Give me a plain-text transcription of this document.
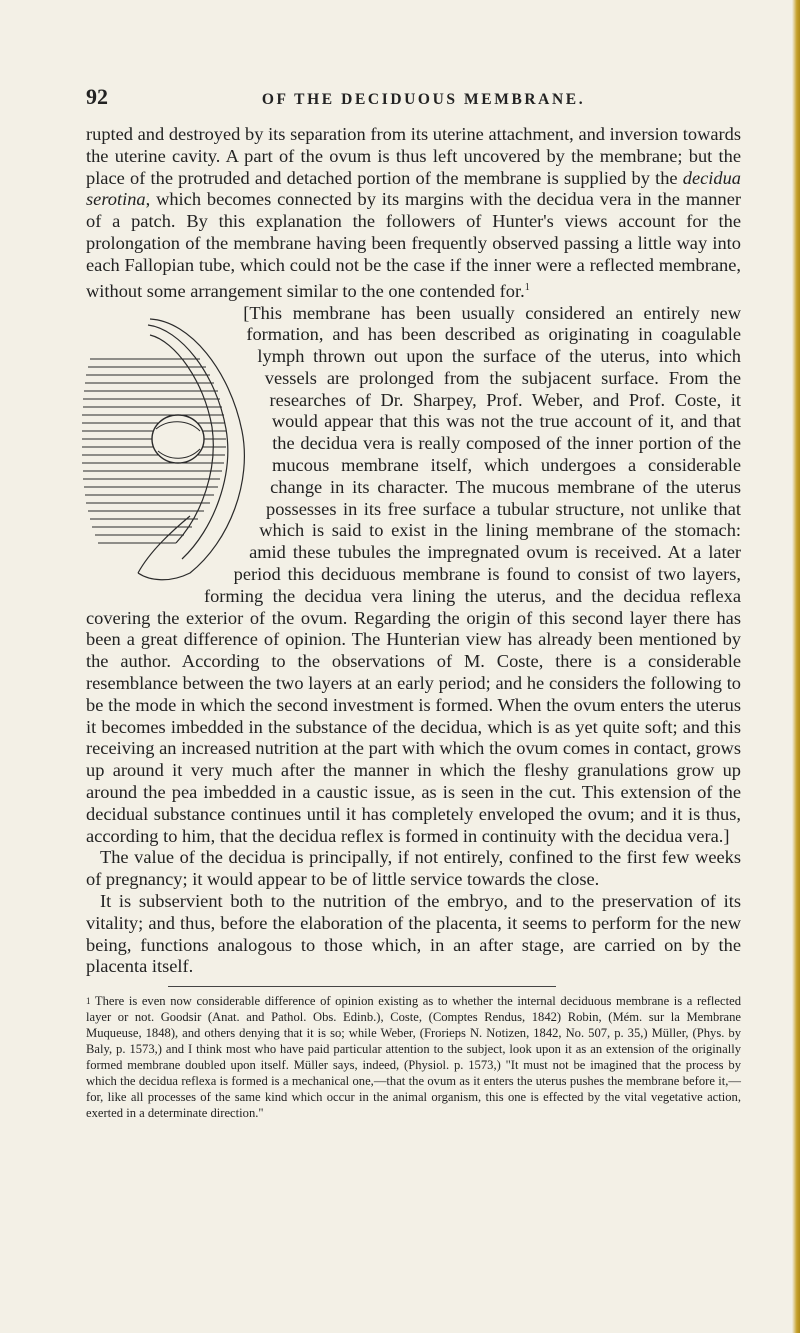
92	OF THE DECIDUOUS MEMBRANE.

rupted and destroyed by its separation from its uterine attachment, and inversion towards the uterine cavity. A part of the ovum is thus left uncovered by the membrane; but the place of the protruded and detached portion of the membrane is supplied by the decidua serotina, which becomes connected by its margins with the decidua vera in the manner of a patch. By this explanation the followers of Hunter's views account for the prolongation of the membrane having been frequently observed passing a little way into each Fallopian tube, which could not be the case if the inner were a reflected membrane, without some arrangement similar to the one contended for.$^1$

[This membrane has been usually considered an entirely new formation, and has been described as originating in coagulable lymph thrown out upon the surface of the uterus, into which vessels are prolonged from the subjacent surface. From the researches of Dr. Sharpey, Prof. Weber, and Prof. Coste, it would appear that this was not the true account of it, and that the decidua vera is really composed of the inner portion of the mucous membrane itself, which undergoes a considerable change in its character. The mucous membrane of the uterus possesses in its free surface a tubular structure, not unlike that which is said to exist in the lining membrane of the stomach: amid these tubules the impregnated ovum is received. At a later period this deciduous membrane is found to consist of two layers, forming the decidua vera lining the uterus, and the decidua reflexa covering the exterior of the ovum. Regarding the origin of this second layer there has been a great difference of opinion. The Hunterian view has already been mentioned by the author. According to the observations of M. Coste, there is a considerable resemblance between the two layers at an early period; and he considers the following to be the mode in which the second investment is formed. When the ovum enters the uterus it becomes imbedded in the substance of the decidua, which is as yet quite soft; and this receiving an increased nutrition at the part with which the ovum comes in contact, grows up around it very much after the manner in which the fleshy granulations grow up around the pea imbedded in a caustic issue, as is seen in the cut. This extension of the decidual substance continues until it has completely enveloped the ovum; and it is thus, according to him, that the decidua reflex is formed in continuity with the decidua vera.]

The value of the decidua is principally, if not entirely, confined to the first few weeks of pregnancy; it would appear to be of little service towards the close.

It is subservient both to the nutrition of the embryo, and to the preservation of its vitality; and thus, before the elaboration of the placenta, it seems to perform for the new being, functions analogous to those which, in an after stage, are carried on by the placenta itself.

$^1$ There is even now considerable difference of opinion existing as to whether the internal deciduous membrane is a reflected layer or not. Goodsir (Anat. and Pathol. Obs. Edinb.), Coste, (Comptes Rendus, 1842) Robin, (Mém. sur la Membrane Muqueuse, 1848), and others denying that it is so; while Weber, (Frorieps N. Notizen, 1842, No. 507, p. 35,) Müller, (Phys. by Baly, p. 1573,) and I think most who have paid particular attention to the subject, look upon it as an extension of the originally formed membrane doubled upon itself. Müller says, indeed, (Physiol. p. 1573,) "It must not be imagined that the process by which the decidua reflexa is formed is a mechanical one,—that the ovum as it enters the uterus pushes the membrane before it,—for, like all processes of the same kind which occur in the animal organism, this one is effected by the vital vegetative action, exerted in a determinate direction."
